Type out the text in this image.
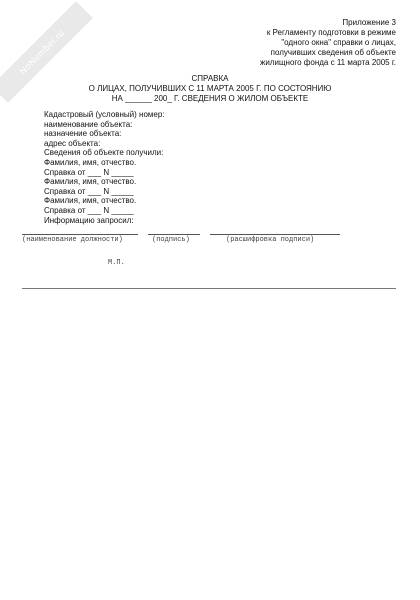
NoNumber.ru
Приложение 3
к Регламенту подготовки в режиме
"одного окна" справки о лицах,
получивших сведения об объекте
жилищного фонда с 11 марта 2005 г.
СПРАВКА
О ЛИЦАХ, ПОЛУЧИВШИХ С 11 МАРТА 2005 Г. ПО СОСТОЯНИЮ
НА ______ 200_ Г. СВЕДЕНИЯ О ЖИЛОМ ОБЪЕКТЕ
Кадастровый (условный) номер:
наименование объекта:
назначение объекта:
адрес объекта:
Сведения об объекте получили:
Фамилия, имя, отчество.
Справка от ___ N _____
Фамилия, имя, отчество.
Справка от ___ N _____
Фамилия, имя, отчество.
Справка от ___ N _____
Информацию запросил:
(наименование должности)	(подпись)	(расшифровка подписи)
М.П.
